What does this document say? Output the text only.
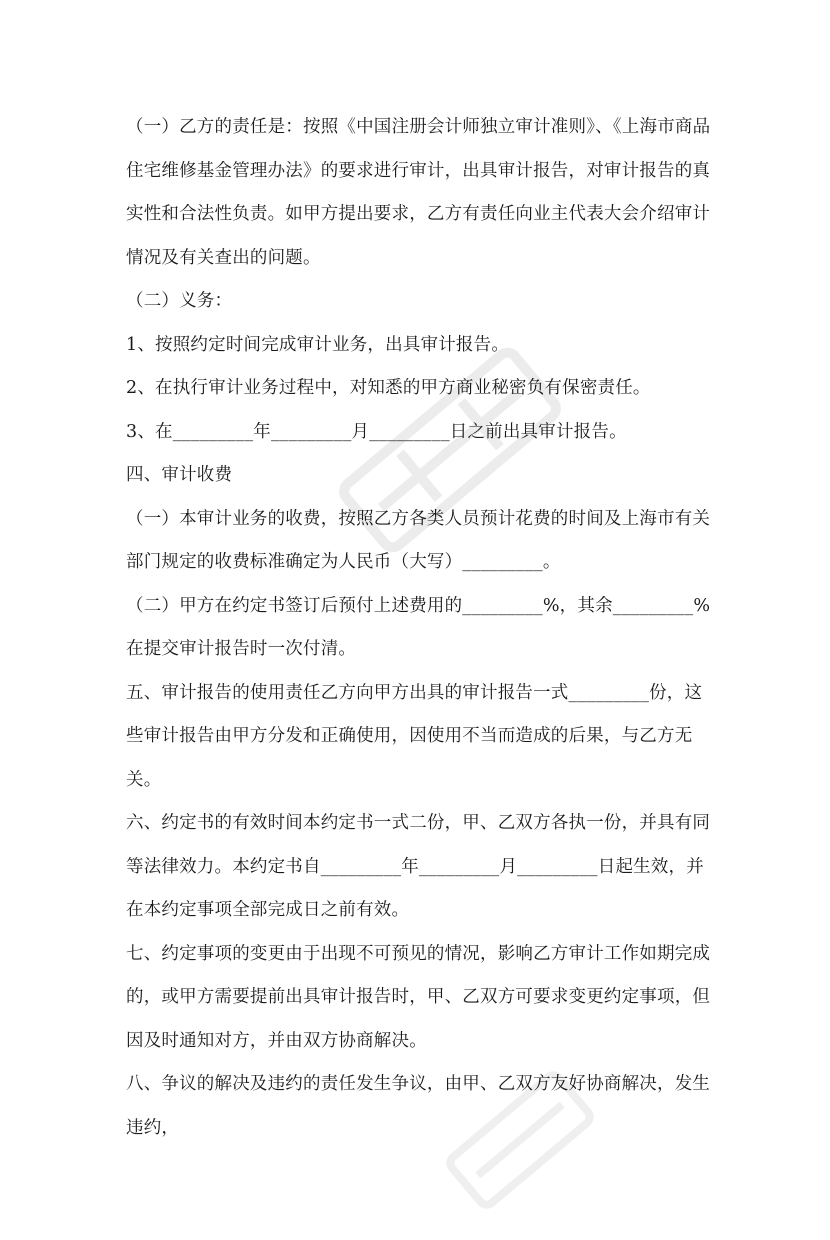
（一）乙方的责任是：按照《中国注册会计师独立审计准则》、《上海市商品住宅维修基金管理办法》的要求进行审计，出具审计报告，对审计报告的真实性和合法性负责。如甲方提出要求，乙方有责任向业主代表大会介绍审计情况及有关查出的问题。

（二）义务：

1、按照约定时间完成审计业务，出具审计报告。

2、在执行审计业务过程中，对知悉的甲方商业秘密负有保密责任。

3、在_________年_________月_________日之前出具审计报告。

四、审计收费

（一）本审计业务的收费，按照乙方各类人员预计花费的时间及上海市有关部门规定的收费标准确定为人民币（大写）_________。

（二）甲方在约定书签订后预付上述费用的_________%，其余_________%在提交审计报告时一次付清。

五、审计报告的使用责任乙方向甲方出具的审计报告一式_________份，这些审计报告由甲方分发和正确使用，因使用不当而造成的后果，与乙方无关。

六、约定书的有效时间本约定书一式二份，甲、乙双方各执一份，并具有同等法律效力。本约定书自_________年_________月_________日起生效，并在本约定事项全部完成日之前有效。

七、约定事项的变更由于出现不可预见的情况，影响乙方审计工作如期完成的，或甲方需要提前出具审计报告时，甲、乙双方可要求变更约定事项，但因及时通知对方，并由双方协商解决。

八、争议的解决及违约的责任发生争议，由甲、乙双方友好协商解决，发生违约，
